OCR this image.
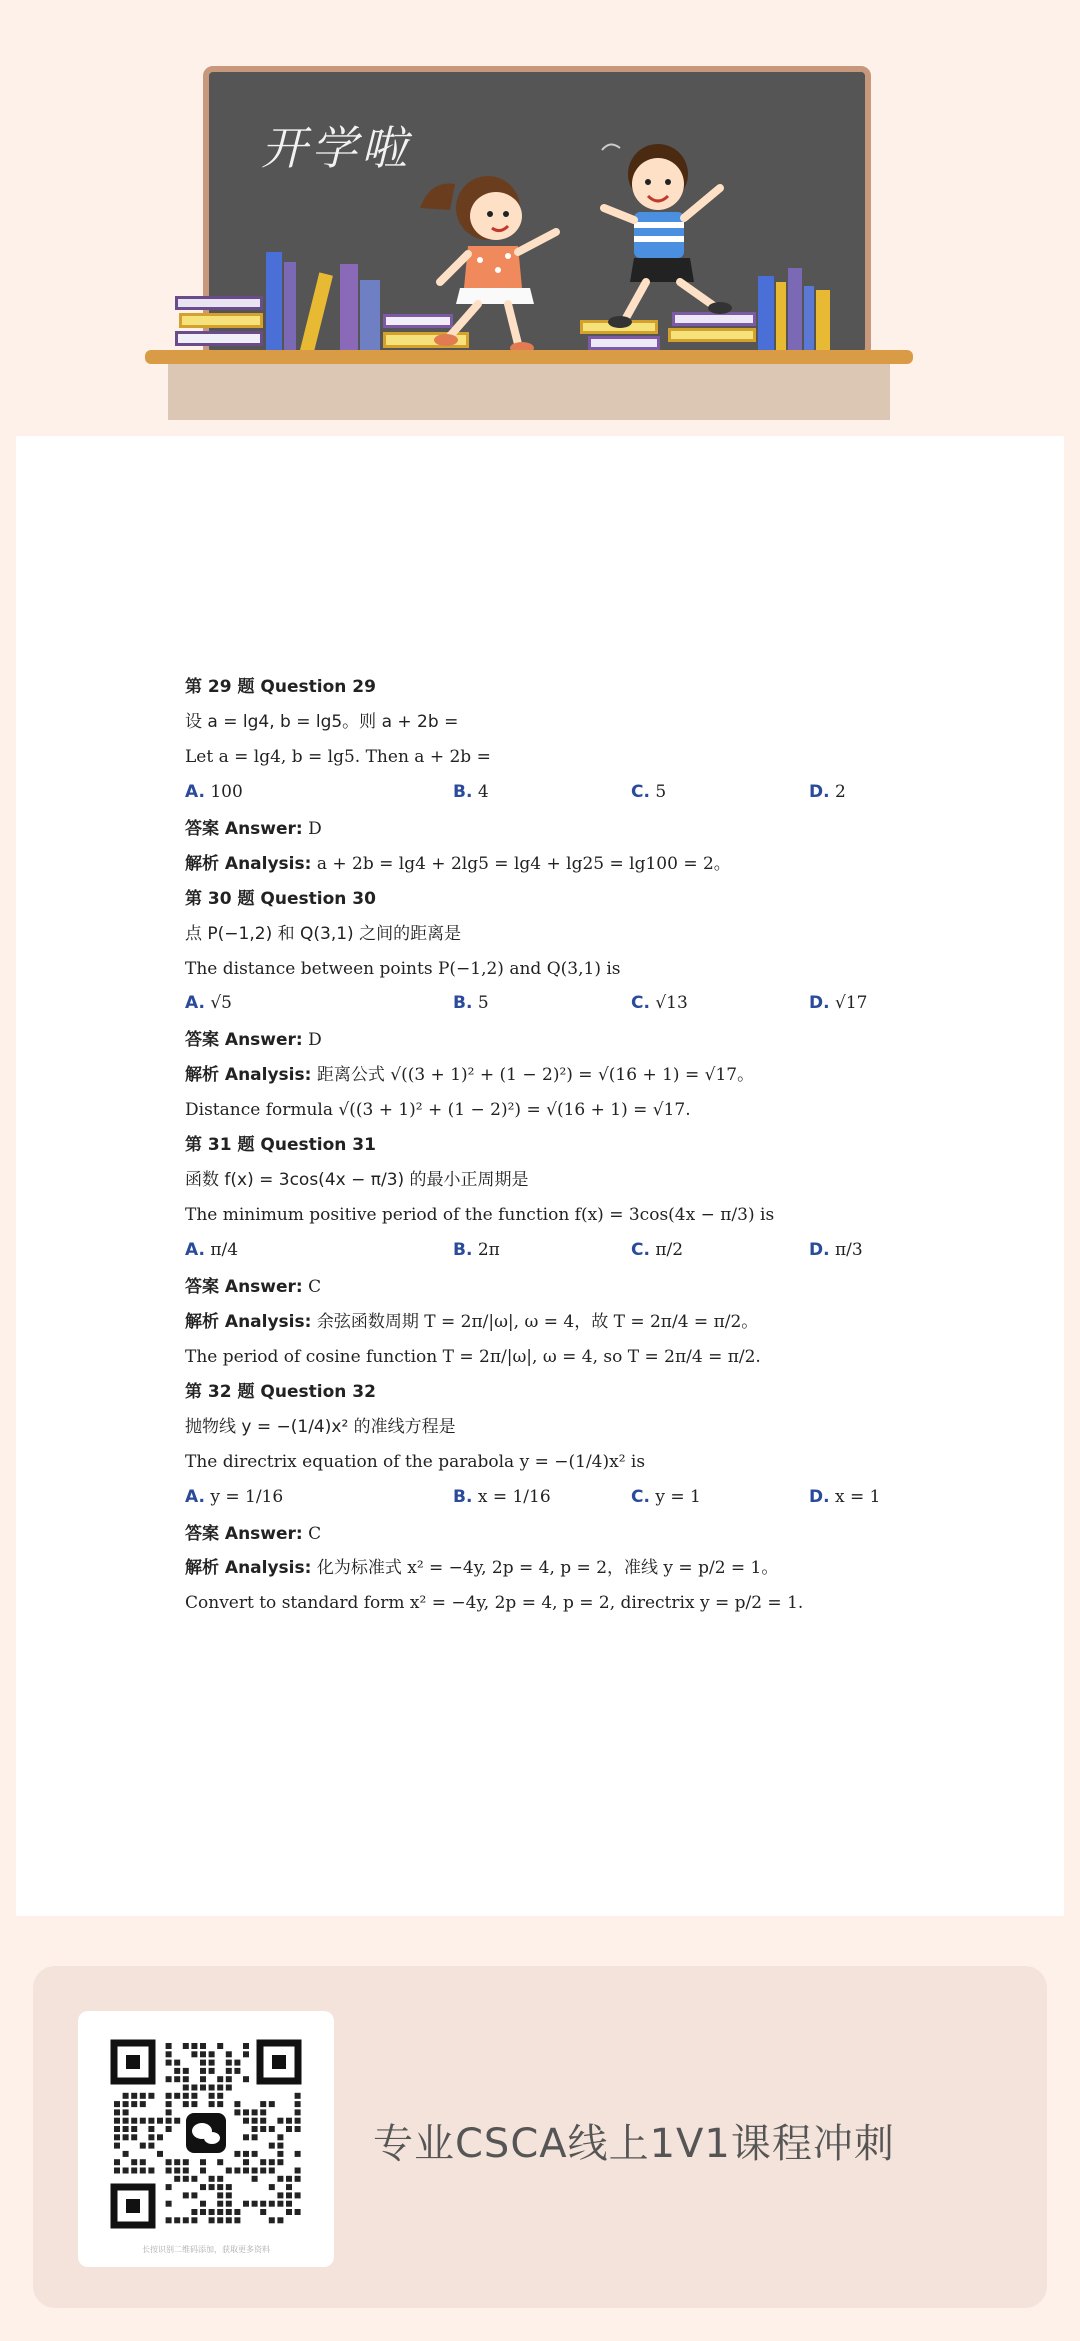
开学啦
第 29 题 Question 29
设 a = lg4, b = lg5。则 a + 2b =
Let a = lg4, b = lg5. Then a + 2b =
A. 100	B. 4	C. 5	D. 2
答案 Answer: D
解析 Analysis: a + 2b = lg4 + 2lg5 = lg4 + lg25 = lg100 = 2。
第 30 题 Question 30
点 P(−1,2) 和 Q(3,1) 之间的距离是
The distance between points P(−1,2) and Q(3,1) is
A. √5	B. 5	C. √13	D. √17
答案 Answer: D
解析 Analysis: 距离公式 √((3 + 1)² + (1 − 2)²) = √(16 + 1) = √17。
Distance formula √((3 + 1)² + (1 − 2)²) = √(16 + 1) = √17.
第 31 题 Question 31
函数 f(x) = 3cos(4x − π/3) 的最小正周期是
The minimum positive period of the function f(x) = 3cos(4x − π/3) is
A. π/4	B. 2π	C. π/2	D. π/3
答案 Answer: C
解析 Analysis: 余弦函数周期 T = 2π/|ω|, ω = 4，故 T = 2π/4 = π/2。
The period of cosine function T = 2π/|ω|, ω = 4, so T = 2π/4 = π/2.
第 32 题 Question 32
抛物线 y = −(1/4)x² 的准线方程是
The directrix equation of the parabola y = −(1/4)x² is
A. y = 1/16	B. x = 1/16	C. y = 1	D. x = 1
答案 Answer: C
解析 Analysis: 化为标准式 x² = −4y, 2p = 4, p = 2，准线 y = p/2 = 1。
Convert to standard form x² = −4y, 2p = 4, p = 2, directrix y = p/2 = 1.
长按识别二维码添加，获取更多资料
专业CSCA线上1V1课程冲刺
